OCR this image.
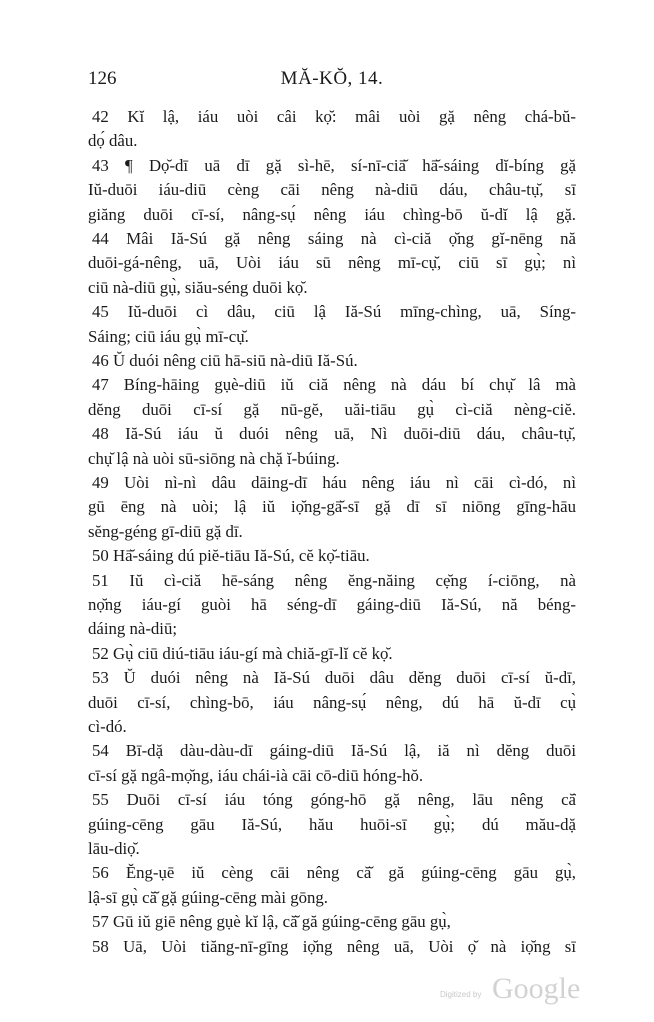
126	MĂ-KŎ, 14.
42 Kĭ lậ, iáu uòi câi kọ̆: mâi uòi gặ nêng chá-bŭ-
dọ́ dâu.
43 ¶ Dọ̆-dī uā dī gặ sì-hē, sí-nī-ciā̆ hā̆-sáing dĭ-bíng gặ
Iŭ-duōi iáu-diū cèng cāi nêng nà-diū dáu, châu-tụ̆, sī
giăng duōi cī-sí, nâng-sụ́ nêng iáu chìng-bō ŭ-dĭ lậ gặ.
44 Mâi Iă-Sú gặ nêng sáing nà cì-ciă ọ̆ng gĭ-nēng nă
duōi-gá-nêng, uā, Uòi iáu sū nêng mī-cụ̆, ciū sī gụ̀; nì
ciū nà-diū gụ̀, siău-séng duōi kọ̆.
45 Iŭ-duōi cì dâu, ciū lậ Iă-Sú mīng-chìng, uā, Síng-
Sáing; ciū iáu gụ̀ mī-cụ̆.
46 Ŭ duói nêng ciū hā-siū nà-diū Iă-Sú.
47 Bíng-hāing gụè-diū iŭ ciă nêng nà dáu bí chụ̆ lâ mà
dĕng duōi cī-sí gặ nū-gĕ, uăi-tiāu gụ̀ cì-ciă nèng-ciĕ.
48 Iă-Sú iáu ŭ duói nêng uā, Nì duōi-diū dáu, châu-tụ̆,
chụ̆ lậ nà uòi sū-siōng nà chặ ĭ-búing.
49 Uòi nì-nì dâu dāing-dī háu nêng iáu nì cāi cì-dó, nì
gū ēng nà uòi; lậ iŭ iọ̆ng-gā̆-sī gặ dī sī niōng gīng-hāu
sĕng-géng gī-diū gặ dī.
50 Hā̆-sáing dú piĕ-tiāu Iă-Sú, cĕ kọ̆-tiāu.
51 Iŭ cì-ciă hē-sáng nêng ĕng-năing cẹ̆ng í-ciōng, nà
nọ̆ng iáu-gí guòi hā séng-dī gáing-diū Iă-Sú, nă béng-
dáing nà-diū;
52 Gụ̀ ciū diú-tiāu iáu-gí mà chiă-gī-lĭ cĕ kọ̆.
53 Ŭ duói nêng nà Iă-Sú duōi dâu dĕng duōi cī-sí ŭ-dī,
duōi cī-sí, chìng-bō, iáu nâng-sụ́ nêng, dú hā ŭ-dī cụ̀
cì-dó.
54 Bī-dặ dàu-dàu-dī gáing-diū Iă-Sú lậ, iă nì dĕng duōi
cī-sí gặ ngâ-mọ̆ng, iáu chái-ià cāi cō-diū hóng-hŏ.
55 Duōi cī-sí iáu tóng góng-hō gặ nêng, lāu nêng că̆
gúing-cēng gāu Iă-Sú, hău huōi-sī gụ̀; dú mău-dặ
lāu-diọ̆.
56 Ĕng-ụē iŭ cèng cāi nêng că̆ gă gúing-cēng gāu gụ̀,
lậ-sī gụ̀ că̆ gặ gúing-cēng mài gōng.
57 Gū iŭ giē nêng gụè kĭ lậ, că̆ gă gúing-cēng gāu gụ̀,
58 Uā, Uòi tiăng-nī-gīng iọ̆ng nêng uā, Uòi ọ̆ nà iọ̆ng sī
Digitized by Google
